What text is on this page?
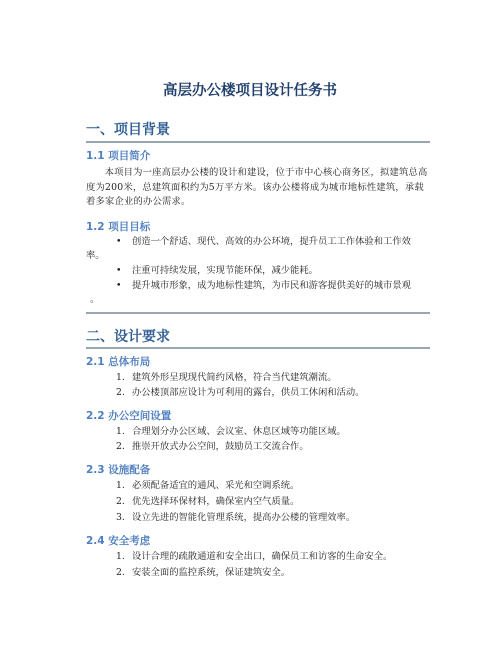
高层办公楼项目设计任务书
一、项目背景
1.1 项目简介
本项目为一座高层办公楼的设计和建设，位于市中心核心商务区，拟建筑总高度为200米，总建筑面积约为5万平方米。该办公楼将成为城市地标性建筑，承载着多家企业的办公需求。
1.2 项目目标
•	创造一个舒适、现代、高效的办公环境，提升员工工作体验和工作效
率。
•	注重可持续发展，实现节能环保，减少能耗。
•	提升城市形象，成为地标性建筑，为市民和游客提供美好的城市景观
。
二、设计要求
2.1 总体布局
1. 建筑外形呈现现代简约风格，符合当代建筑潮流。
2. 办公楼顶部应设计为可利用的露台，供员工休闲和活动。
2.2 办公空间设置
1. 合理划分办公区域、会议室、休息区域等功能区域。
2. 推崇开放式办公空间，鼓励员工交流合作。
2.3 设施配备
1. 必须配备适宜的通风、采光和空调系统。
2. 优先选择环保材料，确保室内空气质量。
3. 设立先进的智能化管理系统，提高办公楼的管理效率。
2.4 安全考虑
1. 设计合理的疏散通道和安全出口，确保员工和访客的生命安全。
2. 安装全面的监控系统，保证建筑安全。
